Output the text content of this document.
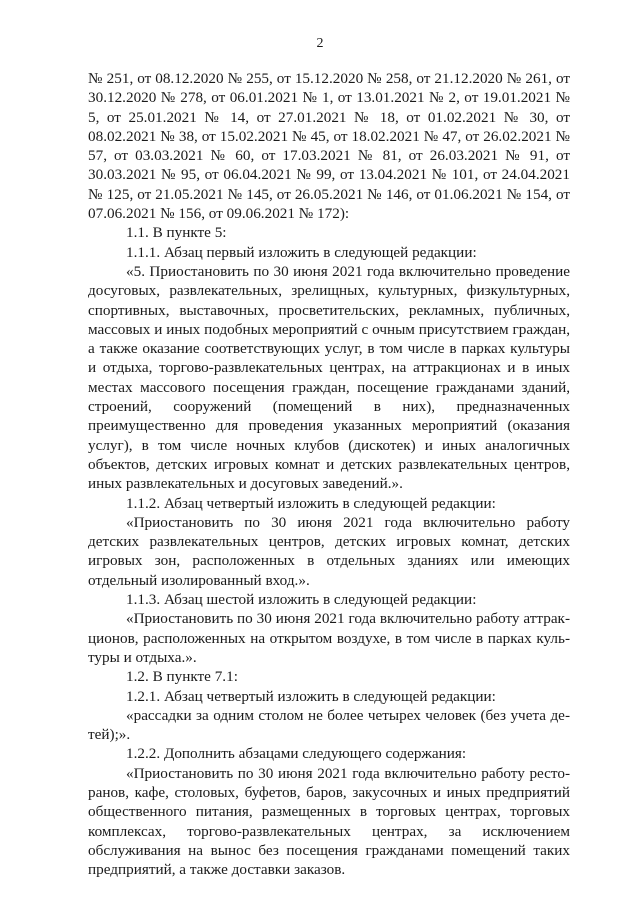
2

№ 251, от 08.12.2020 № 255, от 15.12.2020 № 258, от 21.12.2020 № 261, от 30.12.2020 № 278, от 06.01.2021 № 1, от 13.01.2021 № 2, от 19.01.2021 № 5, от 25.01.2021 № 14, от 27.01.2021 № 18, от 01.02.2021 № 30, от 08.02.2021 № 38, от 15.02.2021 № 45, от 18.02.2021 № 47, от 26.02.2021 № 57, от 03.03.2021 № 60, от 17.03.2021 № 81, от 26.03.2021 № 91, от 30.03.2021 № 95, от 06.04.2021 № 99, от 13.04.2021 № 101, от 24.04.2021 № 125, от 21.05.2021 № 145, от 26.05.2021 № 146, от 01.06.2021 № 154, от 07.06.2021 № 156, от 09.06.2021 № 172):

1.1. В пункте 5:

1.1.1. Абзац первый изложить в следующей редакции:

«5. Приостановить по 30 июня 2021 года включительно проведение досуговых, развлекательных, зрелищных, культурных, физкультурных, спортивных, выставочных, просветительских, рекламных, публичных, массовых и иных подобных мероприятий с очным присутствием граждан, а также оказание соответствующих услуг, в том числе в парках культуры и отдыха, торгово-развлекательных центрах, на аттракционах и в иных местах массового посещения граждан, посещение гражданами зданий, строений, сооружений (помещений в них), предназначенных преимущественно для проведения указанных мероприятий (оказания услуг), в том числе ночных клубов (дискотек) и иных аналогичных объектов, детских игровых комнат и детских развлекательных центров, иных развлекательных и досуговых заведений.».

1.1.2. Абзац четвертый изложить в следующей редакции:

«Приостановить по 30 июня 2021 года включительно работу детских развлекательных центров, детских игровых комнат, детских игровых зон, расположенных в отдельных зданиях или имеющих отдельный изолированный вход.».

1.1.3. Абзац шестой изложить в следующей редакции:

«Приостановить по 30 июня 2021 года включительно работу аттракционов, расположенных на открытом воздухе, в том числе в парках культуры и отдыха.».

1.2. В пункте 7.1:

1.2.1. Абзац четвертый изложить в следующей редакции:

«рассадки за одним столом не более четырех человек (без учета детей);».

1.2.2. Дополнить абзацами следующего содержания:

«Приостановить по 30 июня 2021 года включительно работу ресторанов, кафе, столовых, буфетов, баров, закусочных и иных предприятий общественного питания, размещенных в торговых центрах, торговых комплексах, торгово-развлекательных центрах, за исключением обслуживания на вынос без посещения гражданами помещений таких предприятий, а также доставки заказов.
